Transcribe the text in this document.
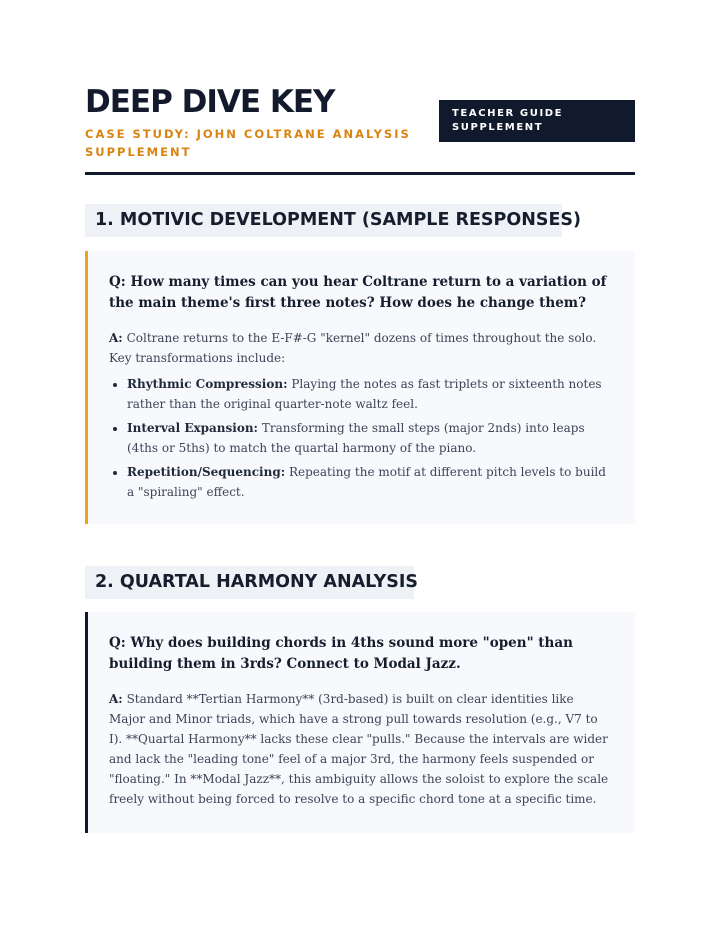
DEEP DIVE KEY
CASE STUDY: JOHN COLTRANE ANALYSIS SUPPLEMENT
TEACHER GUIDE SUPPLEMENT
1. MOTIVIC DEVELOPMENT (SAMPLE RESPONSES)

Q: How many times can you hear Coltrane return to a variation of the main theme's first three notes? How does he change them?

A: Coltrane returns to the E-F#-G "kernel" dozens of times throughout the solo. Key transformations include:

• Rhythmic Compression: Playing the notes as fast triplets or sixteenth notes rather than the original quarter-note waltz feel.
• Interval Expansion: Transforming the small steps (major 2nds) into leaps (4ths or 5ths) to match the quartal harmony of the piano.
• Repetition/Sequencing: Repeating the motif at different pitch levels to build a "spiraling" effect.
2. QUARTAL HARMONY ANALYSIS

Q: Why does building chords in 4ths sound more "open" than building them in 3rds? Connect to Modal Jazz.

A: Standard **Tertian Harmony** (3rd-based) is built on clear identities like Major and Minor triads, which have a strong pull towards resolution (e.g., V7 to I). **Quartal Harmony** lacks these clear "pulls." Because the intervals are wider and lack the "leading tone" feel of a major 3rd, the harmony feels suspended or "floating." In **Modal Jazz**, this ambiguity allows the soloist to explore the scale freely without being forced to resolve to a specific chord tone at a specific time.
